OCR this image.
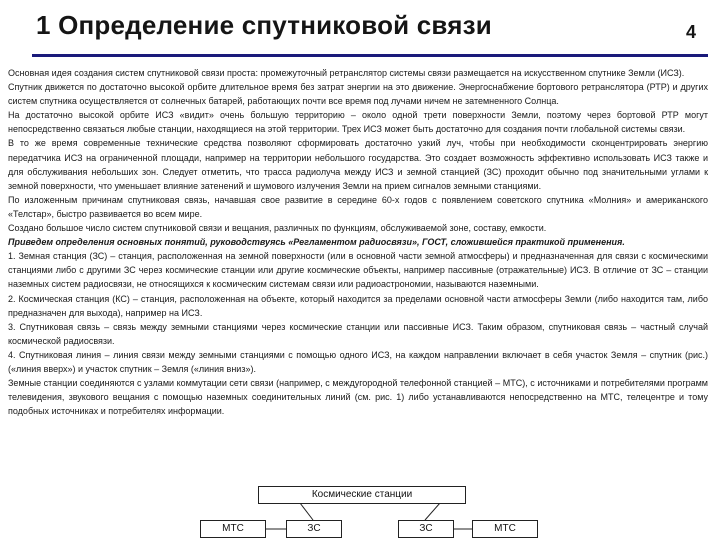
1 Определение спутниковой связи	4

Основная идея создания систем спутниковой связи проста: промежуточный ретранслятор системы связи размещается на искусственном спутнике Земли (ИСЗ).

Спутник движется по достаточно высокой орбите длительное время без затрат энергии на это движение. Энергоснабжение бортового ретранслятора (РТР) и других систем спутника осуществляется от солнечных батарей, работающих почти все время под лучами ничем не затемненного Солнца.

На достаточно высокой орбите ИСЗ «видит» очень большую территорию – около одной трети поверхности Земли, поэтому через бортовой РТР могут непосредственно связаться любые станции, находящиеся на этой территории. Трех ИСЗ может быть достаточно для создания почти глобальной системы связи.

В то же время современные технические средства позволяют сформировать достаточно узкий луч, чтобы при необходимости сконцентрировать энергию передатчика ИСЗ на ограниченной площади, например на территории небольшого государства. Это создает возможность эффективно использовать ИСЗ также и для обслуживания небольших зон. Следует отметить, что трасса радиолуча между ИСЗ и земной станцией (ЗС) проходит обычно под значительными углами к земной поверхности, что уменьшает влияние затенений и шумового излучения Земли на прием сигналов земными станциями.

По изложенным причинам спутниковая связь, начавшая свое развитие в середине 60-х годов с появлением советского спутника «Молния» и американского «Телстар», быстро развивается во всем мире.

Создано большое число систем спутниковой связи и вещания, различных по функциям, обслуживаемой зоне, составу, емкости.

Приведем определения основных понятий, руководствуясь «Регламентом радиосвязи», ГОСТ, сложившейся практикой применения.

1. Земная станция (ЗС) – станция, расположенная на земной поверхности (или в основной части земной атмосферы) и предназначенная для связи с космическими станциями либо с другими ЗС через космические станции или другие космические объекты, например пассивные (отражательные) ИСЗ. В отличие от ЗС – станции наземных систем радиосвязи, не относящихся к космическим системам связи или радиоастрономии, называются наземными.

2. Космическая станция (КС) – станция, расположенная на объекте, который находится за пределами основной части атмосферы Земли (либо находится там, либо предназначен для выхода), например на ИСЗ.

3. Спутниковая связь – связь между земными станциями через космические станции или пассивные ИСЗ. Таким образом, спутниковая связь – частный случай космической радиосвязи.

4. Спутниковая линия – линия связи между земными станциями с помощью одного ИСЗ, на каждом направлении включает в себя участок Земля – спутник (рис.) («линия вверх») и участок спутник – Земля («линия вниз»).

Земные станции соединяются с узлами коммутации сети связи (например, с междугородной телефонной станцией – МТС), с источниками и потребителями программ телевидения, звукового вещания с помощью наземных соединительных линий (см. рис. 1) либо устанавливаются непосредственно на МТС, телецентре и тому подобных источниках и потребителях информации.

Космические станции
МТС	ЗС	ЗС	МТС
